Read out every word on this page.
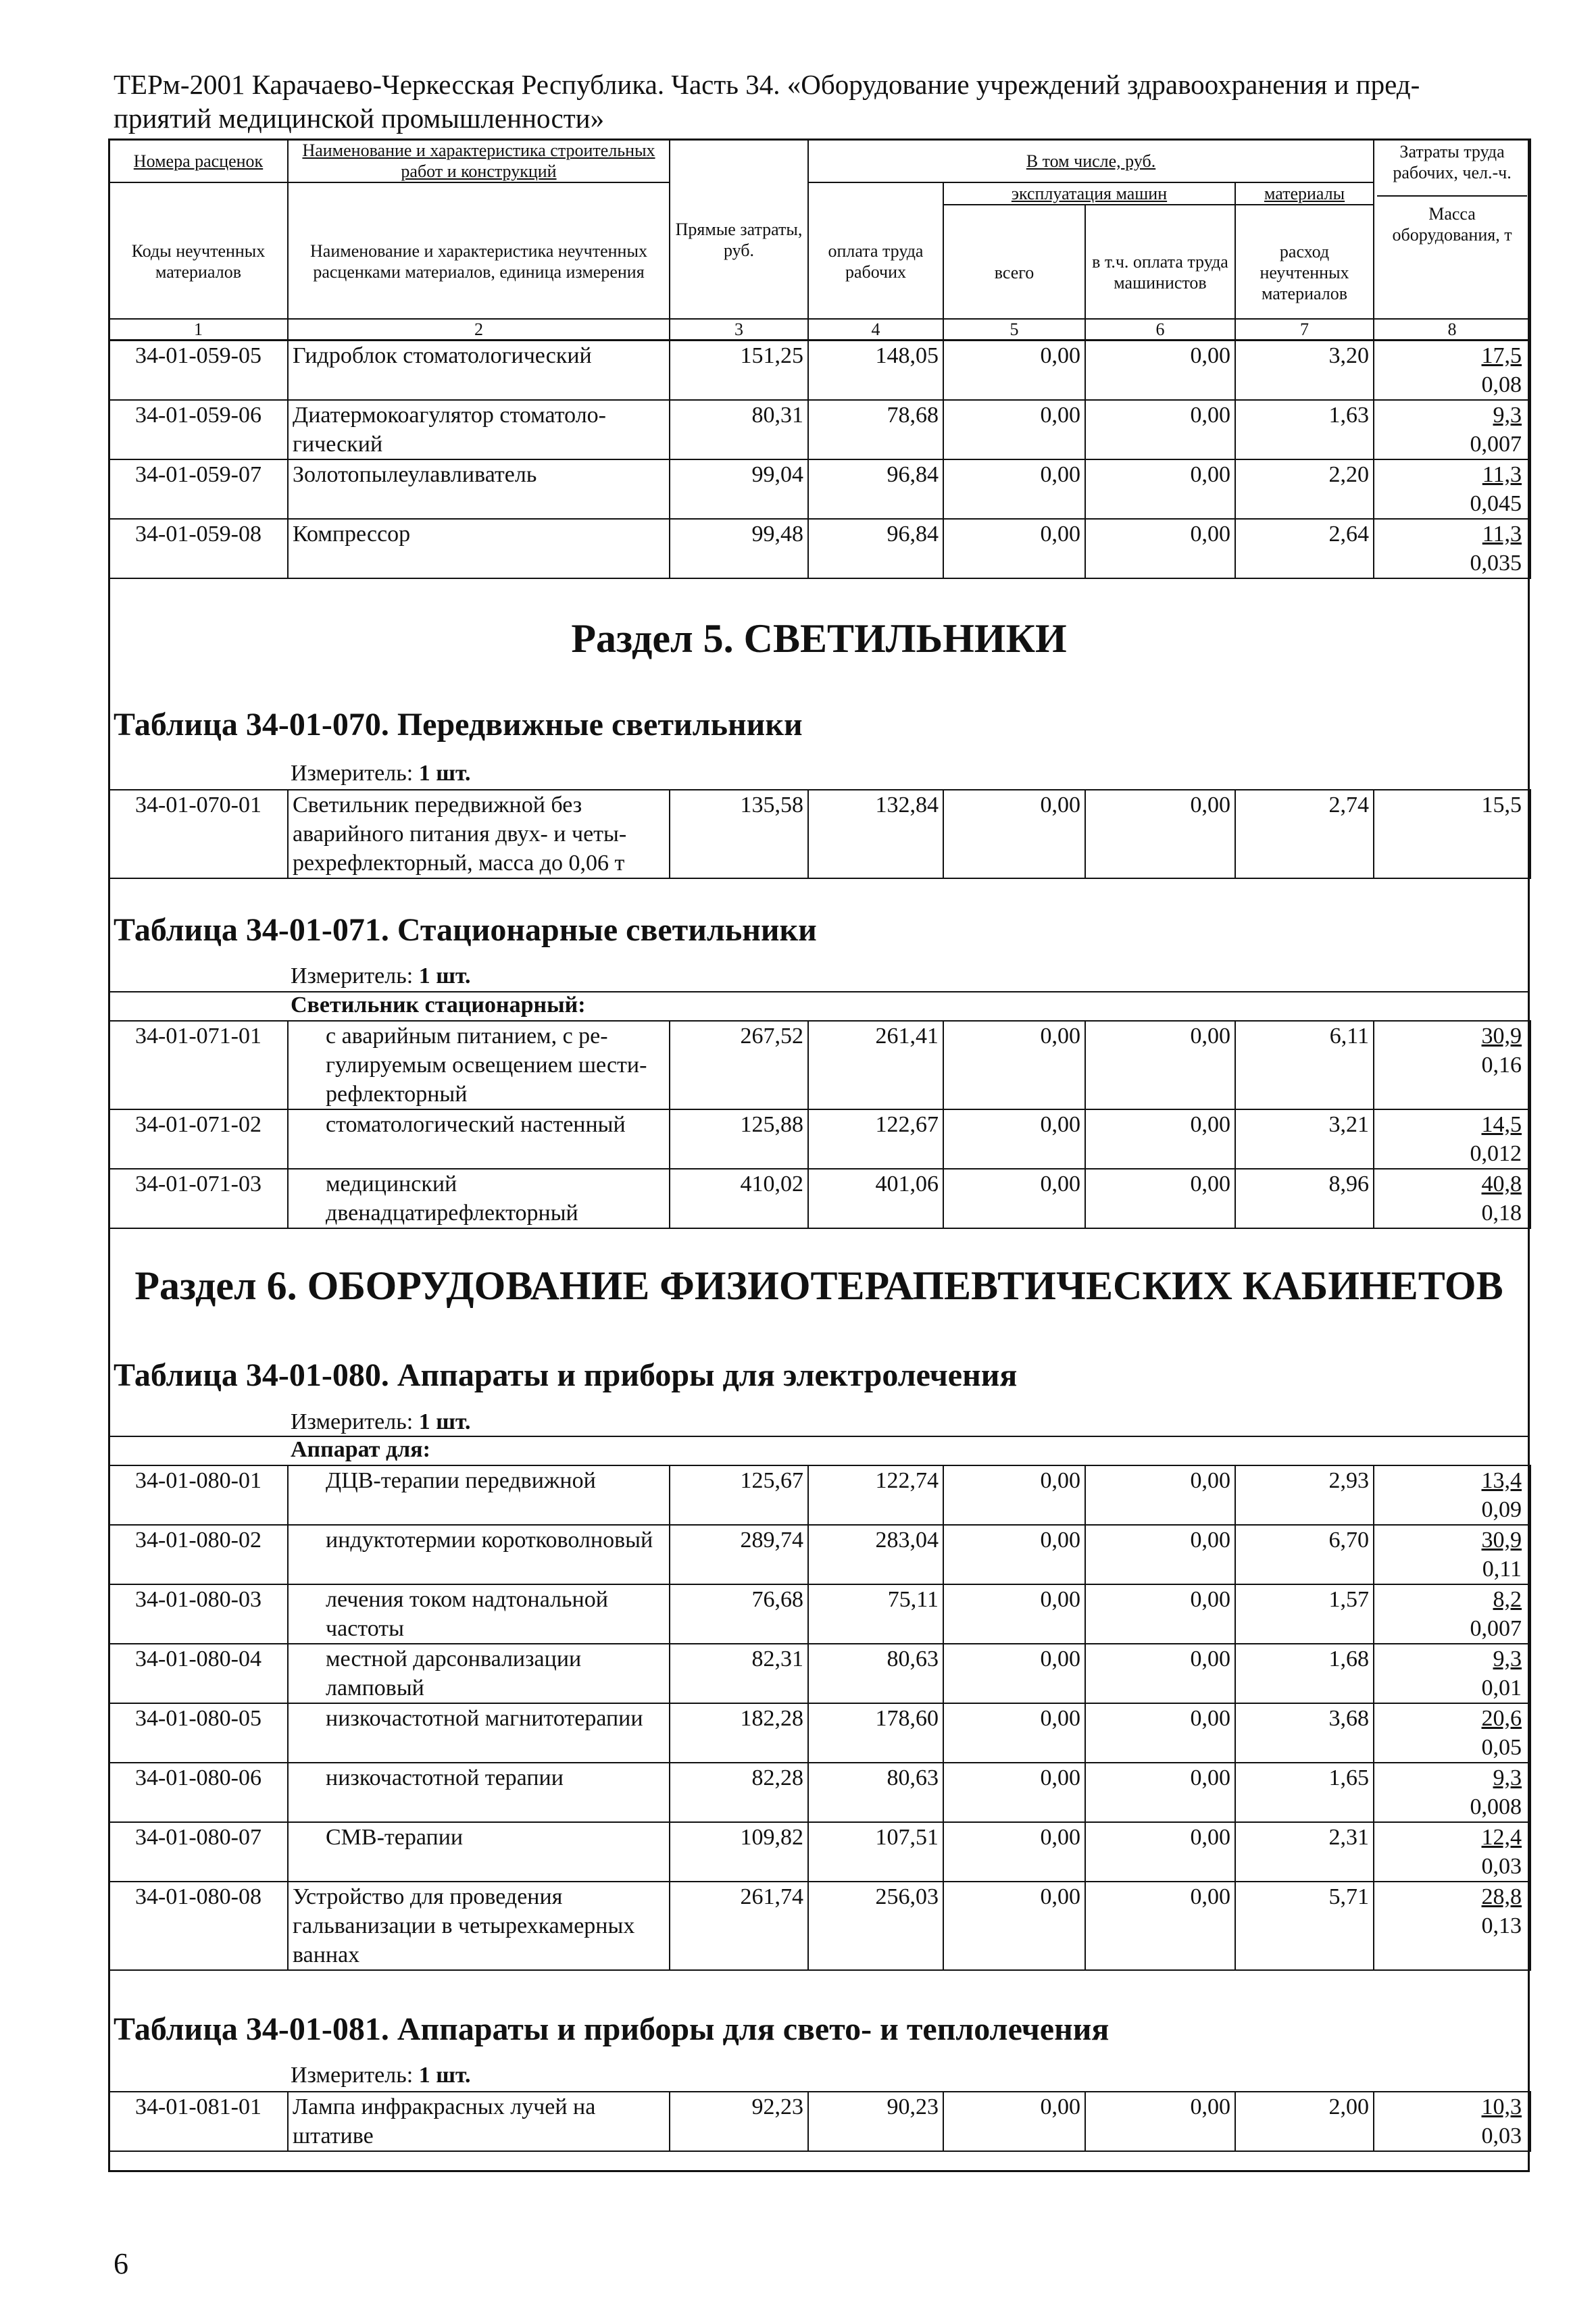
ТЕРм-2001 Карачаево-Черкесская Республика. Часть 34. «Оборудование учреждений здравоохранения и пред-
приятий медицинской промышленности»
Номера расценок	Наименование и характеристика строительных работ и конструкций	Прямые затраты, руб.	В том числе, руб.				Затраты труда рабочих, чел.-ч.
Масса оборудования, т
Коды неучтенных материалов	Наименование и характеристика неучтенных расценками материалов, единица измерения		оплата труда рабочих	эксплуатация машин		материалы	
				всего	в т.ч. оплата труда машинистов	расход неучтенных материалов	
1	2	3	4	5	6	7	8
34-01-059-05	Гидроблок стоматологический	151,25	148,05	0,00	0,00	3,20	17,5
0,08

34-01-059-06	Диатермокоагулятор стоматоло-гический	80,31	78,68	0,00	0,00	1,63	9,3
0,007

34-01-059-07	Золотопылеулавливатель	99,04	96,84	0,00	0,00	2,20	11,3
0,045

34-01-059-08	Компрессор	99,48	96,84	0,00	0,00	2,64	11,3
0,035
Раздел 5. СВЕТИЛЬНИКИ
Таблица 34-01-070. Передвижные светильники
Измеритель: 1 шт.
34-01-070-01	Светильник передвижной без аварийного питания двух- и четы-рехрефлекторный, масса до 0,06 т	135,58	132,84	0,00	0,00	2,74	15,5
Таблица 34-01-071. Стационарные светильники
Измеритель: 1 шт.
Светильник стационарный:
34-01-071-01	с аварийным питанием, с ре-гулируемым освещением шести-рефлекторный	267,52	261,41	0,00	0,00	6,11	30,9
0,16

34-01-071-02	стоматологический настенный	125,88	122,67	0,00	0,00	3,21	14,5
0,012

34-01-071-03	медицинский двенадцатирефлекторный	410,02	401,06	0,00	0,00	8,96	40,8
0,18
Раздел 6. ОБОРУДОВАНИЕ ФИЗИОТЕРАПЕВТИЧЕСКИХ КАБИНЕТОВ
Таблица 34-01-080. Аппараты и приборы для электролечения
Измеритель: 1 шт.
Аппарат для:
34-01-080-01	ДЦВ-терапии передвижной	125,67	122,74	0,00	0,00	2,93	13,4
0,09

34-01-080-02	индуктотермии коротковолновый	289,74	283,04	0,00	0,00	6,70	30,9
0,11

34-01-080-03	лечения током надтональной частоты	76,68	75,11	0,00	0,00	1,57	8,2
0,007

34-01-080-04	местной дарсонвализации ламповый	82,31	80,63	0,00	0,00	1,68	9,3
0,01

34-01-080-05	низкочастотной магнитотерапии	182,28	178,60	0,00	0,00	3,68	20,6
0,05

34-01-080-06	низкочастотной терапии	82,28	80,63	0,00	0,00	1,65	9,3
0,008

34-01-080-07	СМВ-терапии	109,82	107,51	0,00	0,00	2,31	12,4
0,03

34-01-080-08	Устройство для проведения гальванизации в четырехкамерных ваннах	261,74	256,03	0,00	0,00	5,71	28,8
0,13
Таблица 34-01-081. Аппараты и приборы для свето- и теплолечения
Измеритель: 1 шт.
34-01-081-01	Лампа инфракрасных лучей на штативе	92,23	90,23	0,00	0,00	2,00	10,3
0,03
6
